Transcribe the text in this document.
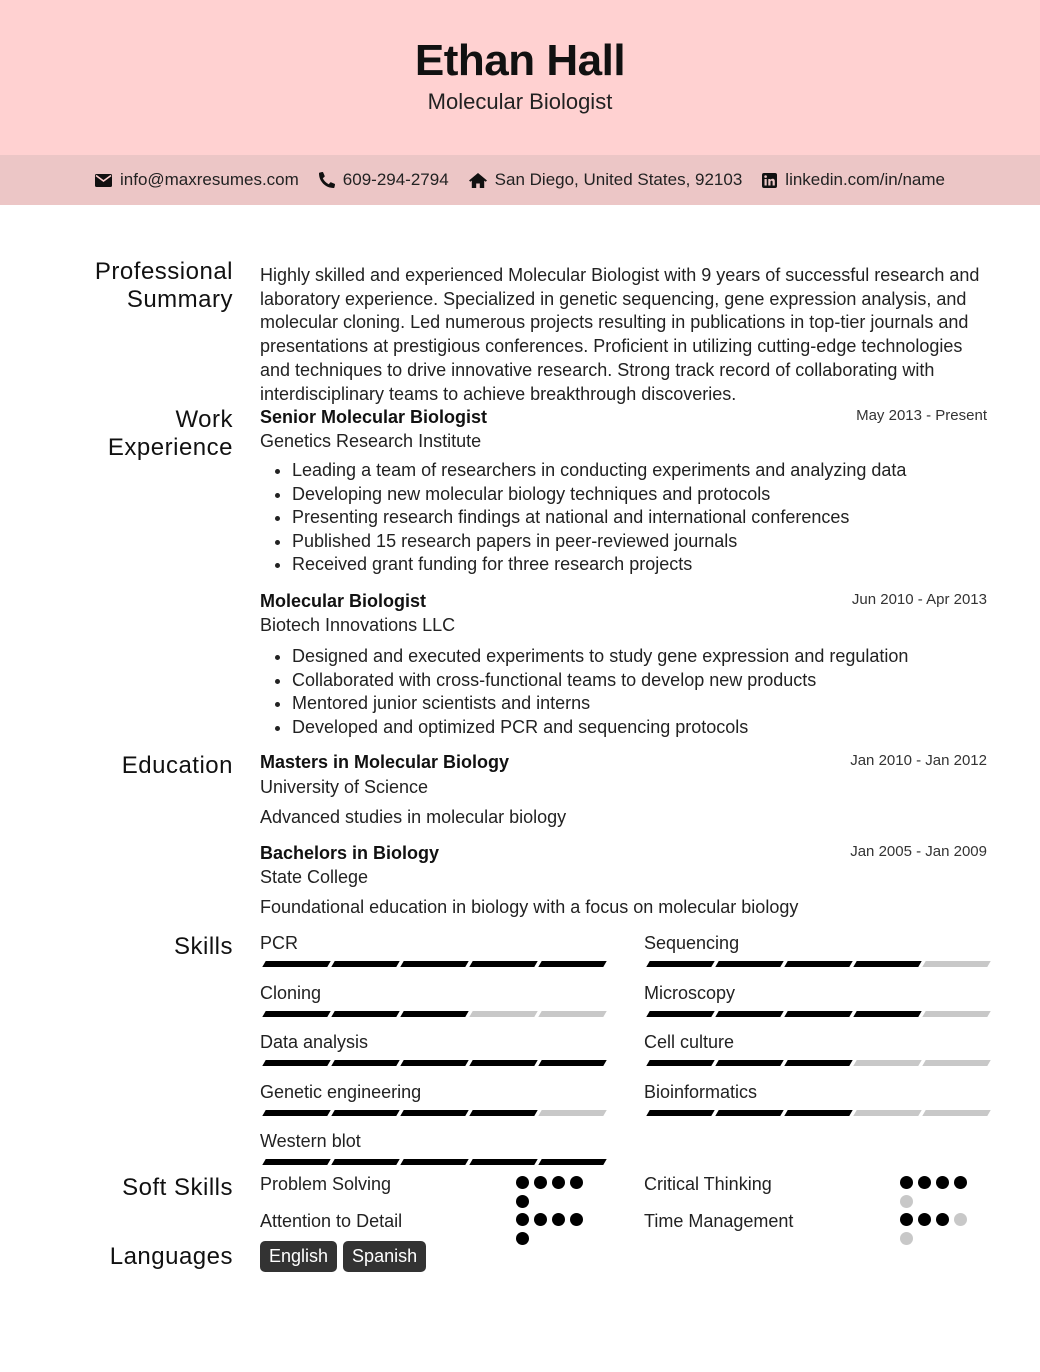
Ethan Hall
Molecular Biologist
info@maxresumes.com	609-294-2794	San Diego, United States, 92103	linkedin.com/in/name
Professional Summary
Highly skilled and experienced Molecular Biologist with 9 years of successful research and
laboratory experience. Specialized in genetic sequencing, gene expression analysis, and
molecular cloning. Led numerous projects resulting in publications in top-tier journals and
presentations at prestigious conferences. Proficient in utilizing cutting-edge technologies
and techniques to drive innovative research. Strong track record of collaborating with
interdisciplinary teams to achieve breakthrough discoveries.
Work Experience
Senior Molecular Biologist	May 2013 - Present
Genetics Research Institute
• Leading a team of researchers in conducting experiments and analyzing data
• Developing new molecular biology techniques and protocols
• Presenting research findings at national and international conferences
• Published 15 research papers in peer-reviewed journals
• Received grant funding for three research projects
Molecular Biologist	Jun 2010 - Apr 2013
Biotech Innovations LLC
• Designed and executed experiments to study gene expression and regulation
• Collaborated with cross-functional teams to develop new products
• Mentored junior scientists and interns
• Developed and optimized PCR and sequencing protocols
Education Masters in Molecular Biology	Jan 2010 - Jan 2012
University of Science
Advanced studies in molecular biology
Bachelors in Biology	Jan 2005 - Jan 2009
State College
Foundational education in biology with a focus on molecular biology
Skills PCR	Sequencing
Cloning	Microscopy
Data analysis	Cell culture
Genetic engineering	Bioinformatics
Western blot
Soft Skills Problem Solving	Critical Thinking
Attention to Detail	Time Management
Languages	English	Spanish
